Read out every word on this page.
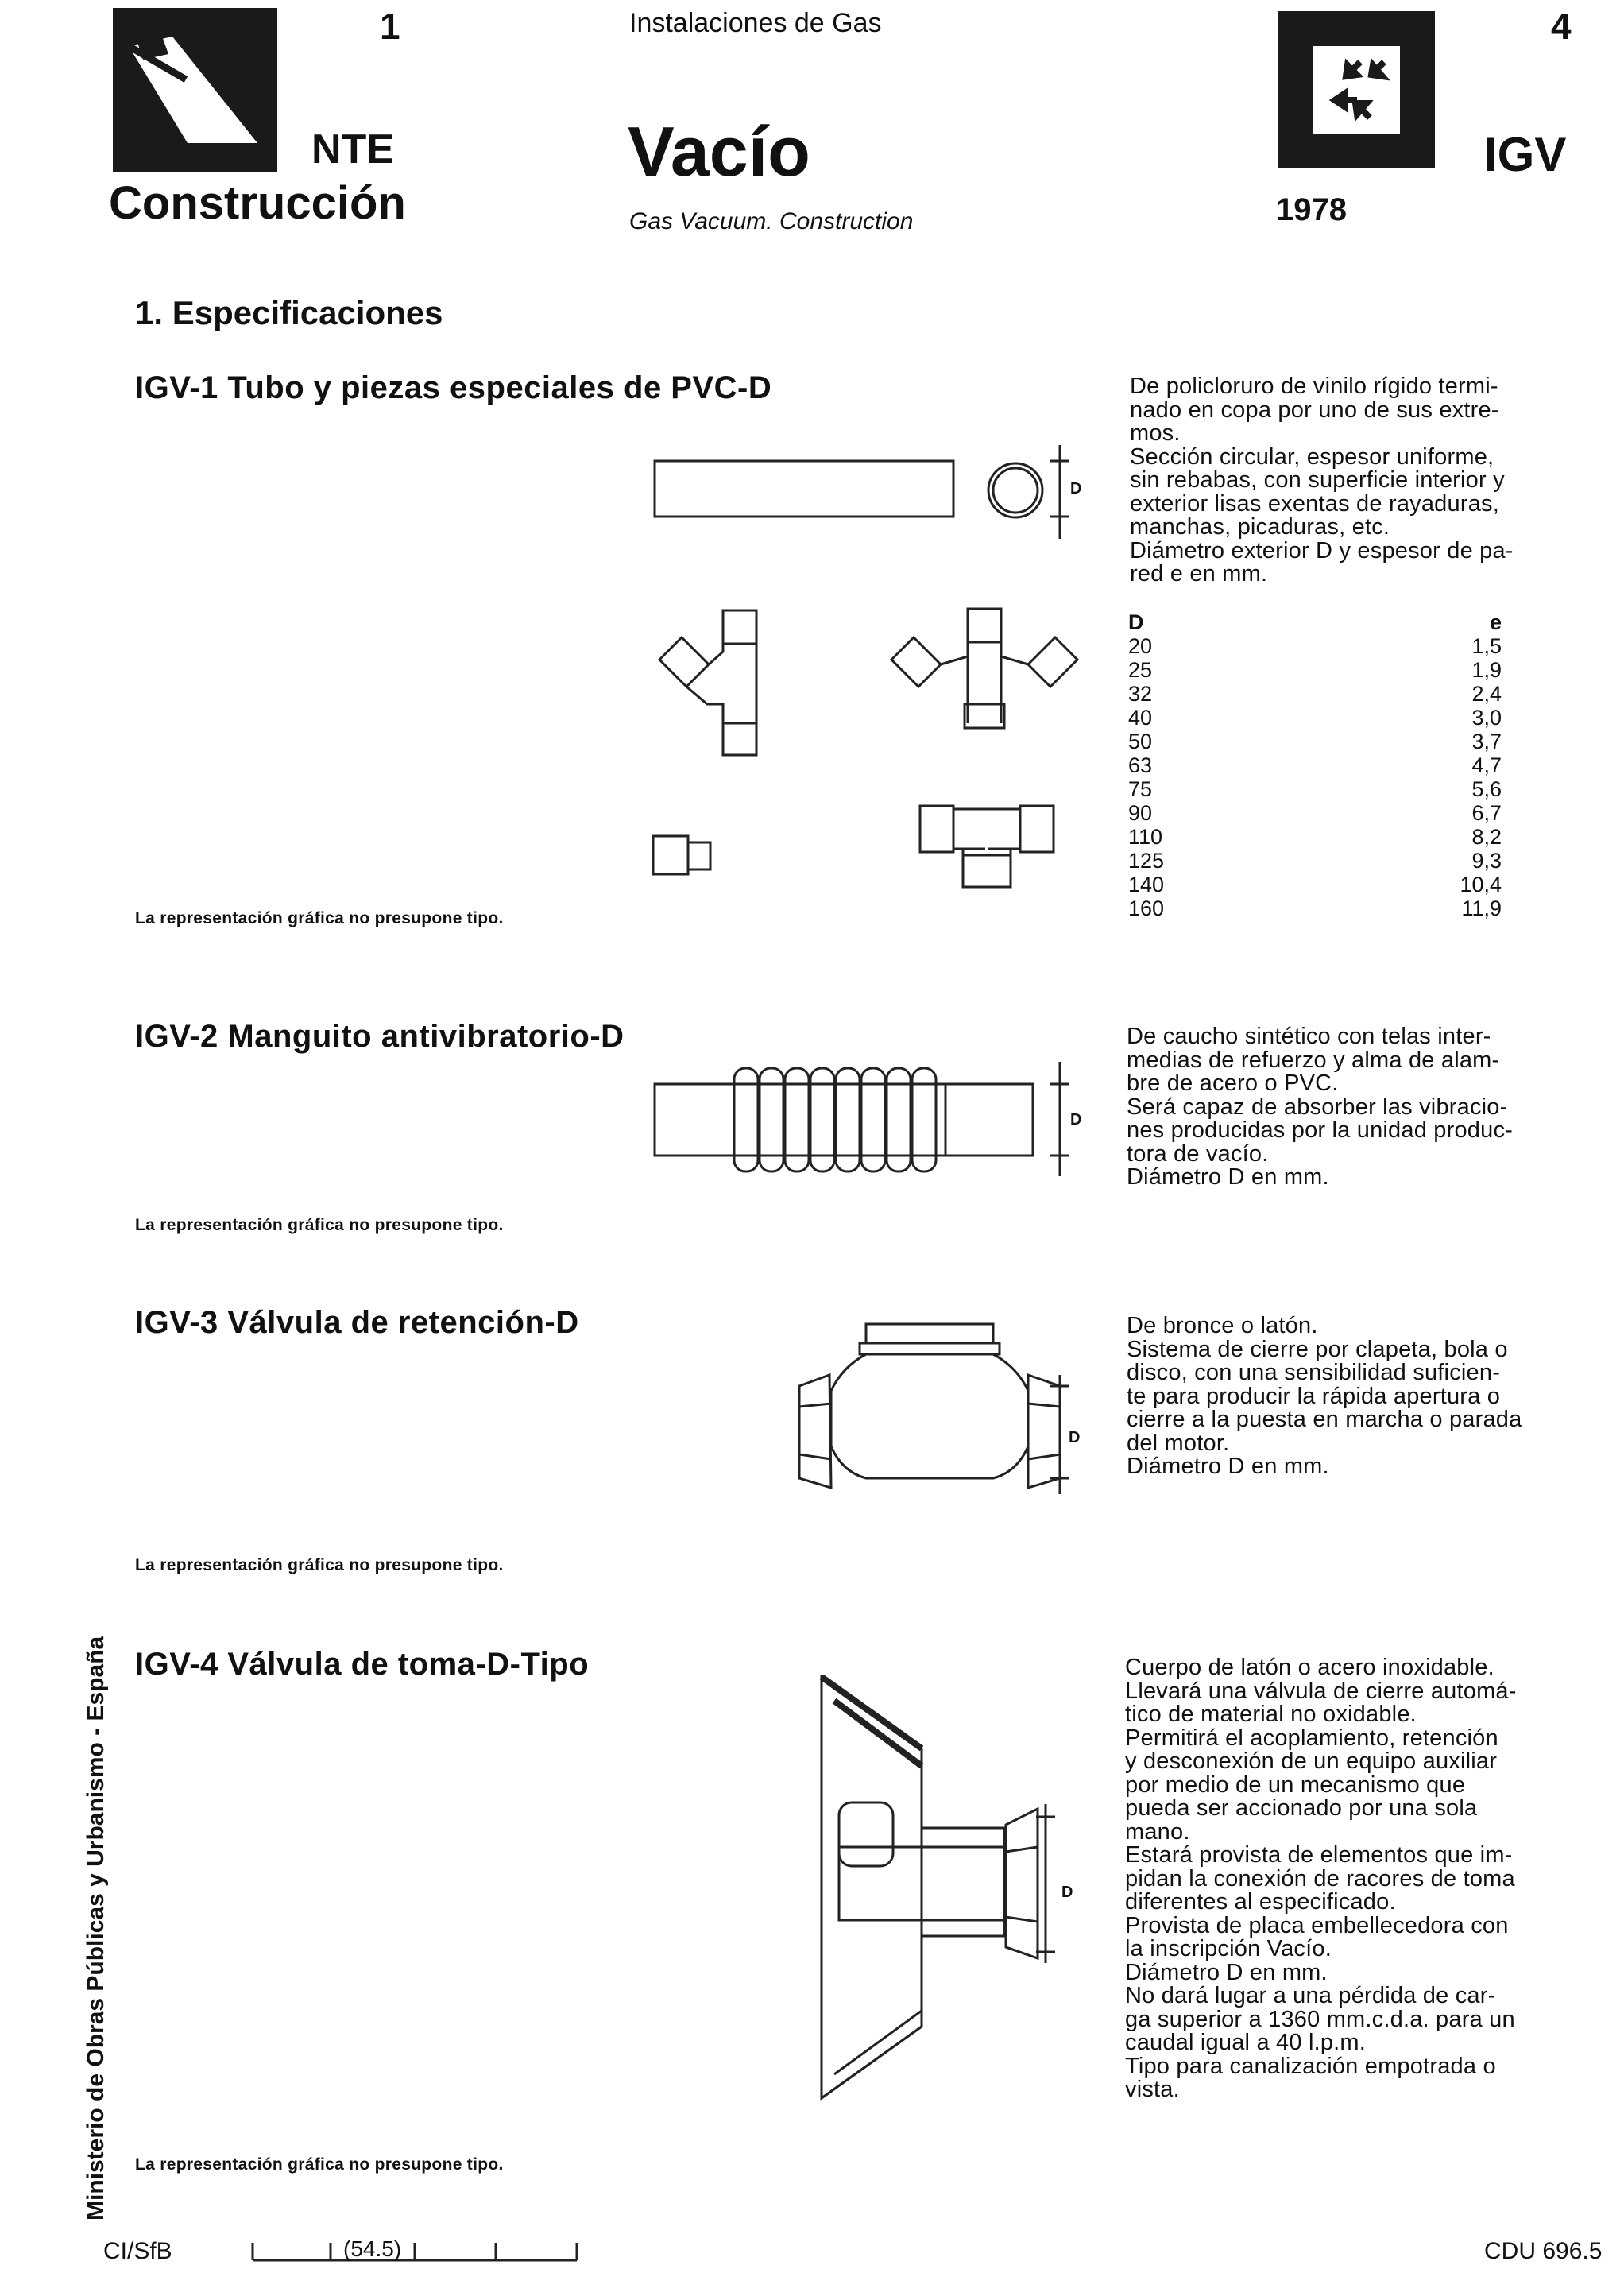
1
NTE
Construcción
Instalaciones de Gas
Vacío
Gas Vacuum. Construction
4
IGV
1978
1. Especificaciones
IGV-1 Tubo y piezas especiales de PVC-D
La representación gráfica no presupone tipo.
D
De policloruro de vinilo rígido termi-
nado en copa por uno de sus extre-
mos.
Sección circular, espesor uniforme,
sin rebabas, con superficie interior y
exterior lisas exentas de rayaduras,
manchas, picaduras, etc.
Diámetro exterior D y espesor de pa-
red e en mm.
D	e
20	1,5
25	1,9
32	2,4
40	3,0
50	3,7
63	4,7
75	5,6
90	6,7
110	8,2
125	9,3
140	10,4
160	11,9
IGV-2 Manguito antivibratorio-D
La representación gráfica no presupone tipo.
D
De caucho sintético con telas inter-
medias de refuerzo y alma de alam-
bre de acero o PVC.
Será capaz de absorber las vibracio-
nes producidas por la unidad produc-
tora de vacío.
Diámetro D en mm.
IGV-3 Válvula de retención-D
La representación gráfica no presupone tipo.
D
De bronce o latón.
Sistema de cierre por clapeta, bola o
disco, con una sensibilidad suficien-
te para producir la rápida apertura o
cierre a la puesta en marcha o parada
del motor.
Diámetro D en mm.
IGV-4 Válvula de toma-D-Tipo
La representación gráfica no presupone tipo.
D
Cuerpo de latón o acero inoxidable.
Llevará una válvula de cierre automá-
tico de material no oxidable.
Permitirá el acoplamiento, retención
y desconexión de un equipo auxiliar
por medio de un mecanismo que
pueda ser accionado por una sola
mano.
Estará provista de elementos que im-
pidan la conexión de racores de toma
diferentes al especificado.
Provista de placa embellecedora con
la inscripción Vacío.
Diámetro D en mm.
No dará lugar a una pérdida de car-
ga superior a 1360 mm.c.d.a. para un
caudal igual a 40 l.p.m.
Tipo para canalización empotrada o
vista.
Ministerio de Obras Públicas y Urbanismo - España
CI/SfB	(54.5)	CDU 696.5
